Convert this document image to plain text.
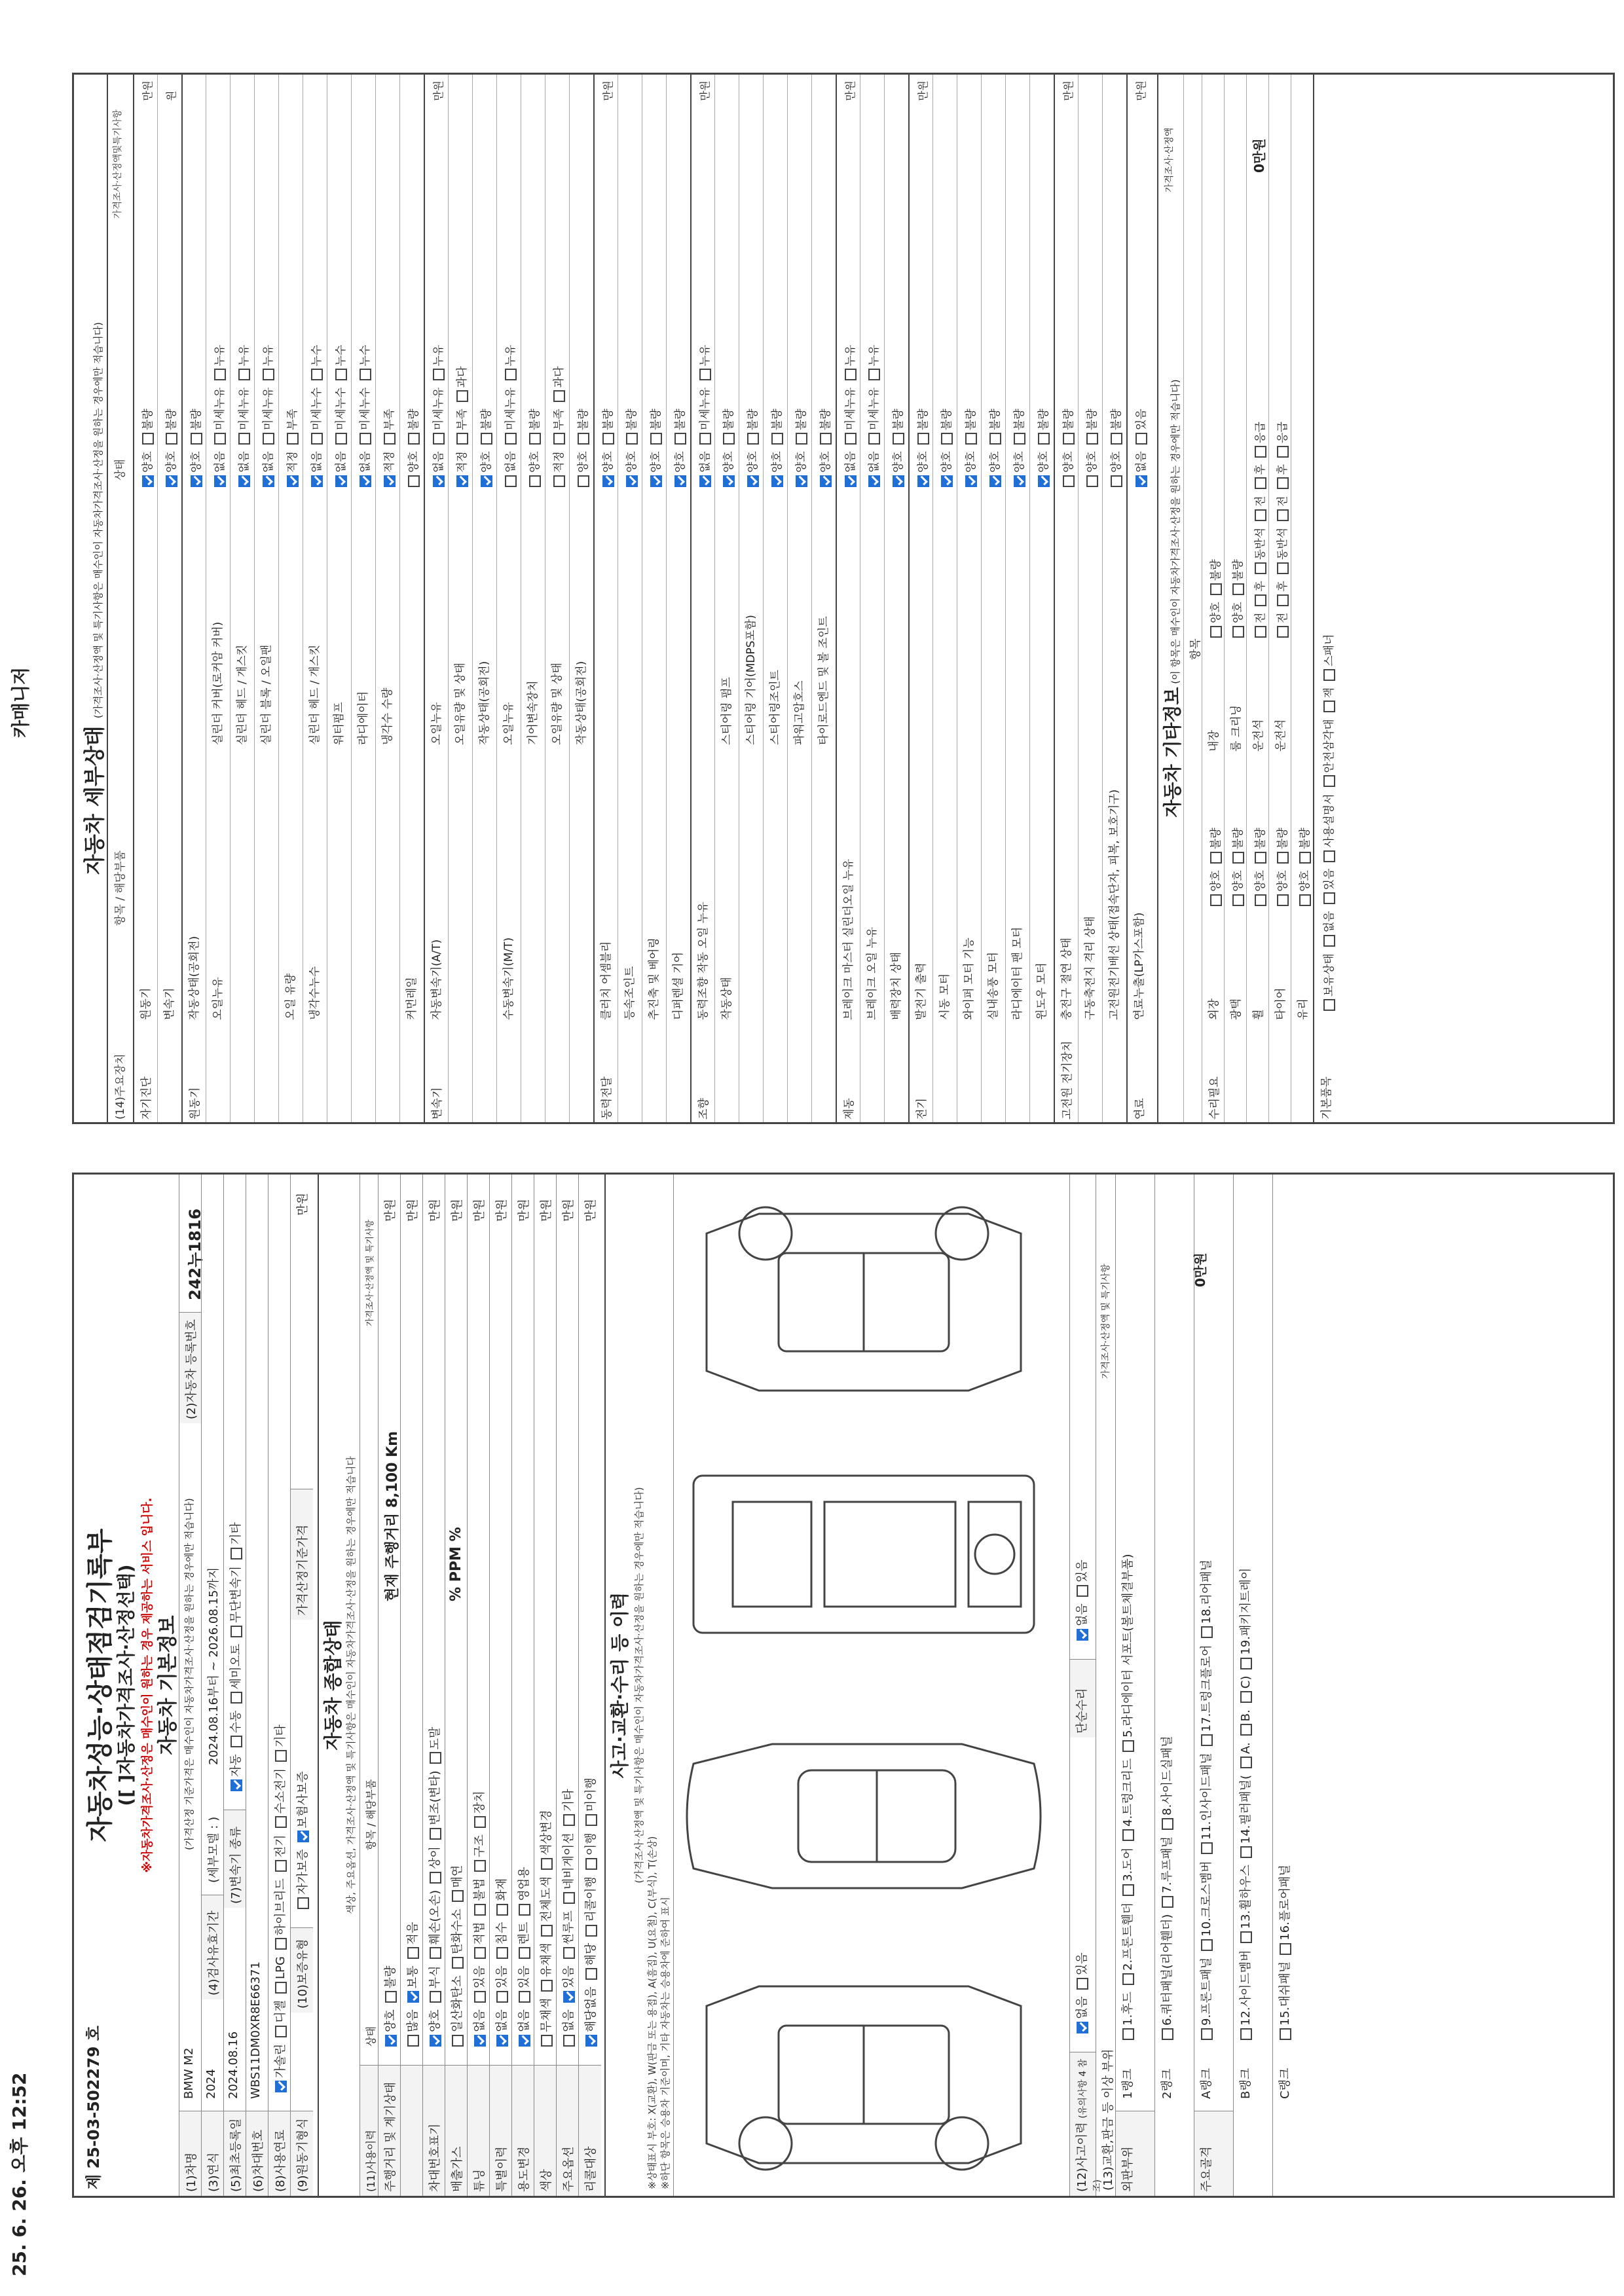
25. 6. 26. 오후 12:52
카매니저
제 25-03-502279 호
자동차성능·상태점검기록부 ([ ]자동차가격조사·산정선택) ※자동차가격조사·산정은 매수인이 원하는 경우 제공하는 서비스 입니다. 자동차 기본정보
(1)차명
BMW M2
(가격산정 기준가격은 매수인이 자동차가격조사·산정을 원하는 경우에만 적습니다)
(2)자동차 등록번호
242누1816
(3)연식
2024
(4)검사유효기간
(세부모델 : )
2024.08.16부터 ~ 2026.08.15까지
(5)최초등록일
2024.08.16
(7)변속기 종류
자동수동세미오토무단변속기기타
(6)차대번호
WBS11DM0XR8E66371
(8)사용연료
가솔린디젤LPG하이브리드전기수소전기기타
(9)원동기형식
(10)보증유형
자가보증보험사보증
가격산정기준가격
만원
자동차 종합상태 색상, 주요옵션, 가격조사·산정액 및 특기사항은 매수인이 자동차가격조사·산정을 원하는 경우에만 적습니다
(11)사용이력
상태
항목 / 해당부품
가격조사·산정액 및 특기사항
주행거리 및 계기상태
양호불량
현재 주행거리 8,100 Km
만원
많음보통적음
만원
차대번호표기
양호부식훼손(오손)상이변조(변타)도말
만원
배출가스
일산화탄소탄화수소매연
% PPM %
만원
튜닝
없음있음적법불법구조장치
만원
특별이력
없음있음침수화재
만원
용도변경
없음있음렌트영업용
만원
색상
무채색유채색전체도색색상변경
만원
주요옵션
없음있음썬루프네비게이션기타
만원
리콜대상
해당없음해당리콜이행이행미이행
만원
사고·교환·수리 등 이력 (가격조사·산정액 및 특기사항은 매수인이 자동차가격조사·산정을 원하는 경우에만 적습니다)
※상태표시 부호: X(교환), W(판금 또는 용접), A(흠집), U(요철), C(부식), T(손상) ※하단 항목은 승용차 기준이며, 기타 자동차는 승용차에 준하여 표시	(12)사고이력 (유의사항 4 참조)
없음있음
단순수리
없음있음
(13)교환,판금 등 이상 부위
가격조사·산정액 및 특기사항
외판부위
1랭크
1.후드2.프론트휀더3.도어4.트렁크리드5.라디에이터 서포트(볼트체결부품)
2랭크
6.쿼터패널(리어휀더)7.루프패널8.사이드실패널
주요골격
A랭크
9.프론트패널10.크로스멤버11.인사이드패널17.트렁크플로어18.리어패널
B랭크
12.사이드멤버13.휠하우스14.필러패널(A.B.C)19.패키지트레이
C랭크
15.대쉬패널16.플로어패널
0만원
자동차 세부상태 (가격조사·산정액 및 특기사항은 매수인이 자동차가격조사·산정을 원하는 경우에만 적습니다)
(14)주요장치
항목 / 해당부품
상태
가격조사·산정액및특기사항
자기진단
원동기
양호불량
만원
변속기
양호불량
원
원동기
작동상태(공회전)
양호불량
오일누유
실린더 커버(로커암 커버)
없음미세누유누유
실린더 헤드 / 개스킷
없음미세누유누유
실린더 블록 / 오일팬
없음미세누유누유
오일 유량
적정부족
냉각수누수
실린더 헤드 / 개스킷
없음미세누수누수
워터펌프
없음미세누수누수
라디에이터
없음미세누수누수
냉각수 수량
적정부족
커먼레일
양호불량
변속기
자동변속기(A/T)
오일누유
없음미세누유누유
만원
오일유량 및 상태
적정부족과다
작동상태(공회전)
양호불량
수동변속기(M/T)
오일누유
없음미세누유누유
기어변속장치
양호불량
오일유량 및 상태
적정부족과다
작동상태(공회전)
양호불량
동력전달
클러치 어셈블리
양호불량
만원
등속조인트
양호불량
추진축 및 베어링
양호불량
디퍼렌셜 기어
양호불량
조향
동력조향 작동 오일 누유
없음미세누유누유
만원
작동상태
스티어링 펌프
양호불량
스티어링 기어(MDPS포함)
양호불량
스티어링조인트
양호불량
파워고압호스
양호불량
타이로드엔드 및 볼 조인트
양호불량
제동
브레이크 마스터 실린더오일 누유
없음미세누유누유
만원
브레이크 오일 누유
없음미세누유누유
배력장치 상태
양호불량
전기
발전기 출력
양호불량
만원
시동 모터
양호불량
와이퍼 모터 기능
양호불량
실내송풍 모터
양호불량
라디에이터 팬 모터
양호불량
윈도우 모터
양호불량
고전원 전기장치
충전구 절연 상태
양호불량
만원
구동축전지 격리 상태
양호불량
고전원전기배선 상태(접속단자, 피복, 보호기구)
양호불량
연료
연료누출(LP가스포함)
없음있음
만원
자동차 기타정보 (이 항목은 매수인이 자동차가격조사·산정을 원하는 경우에만 적습니다) 항목
수리필요
외장
양호불량
내장
양호불량
광택
양호불량
룸 크리닝
양호불량
휠
양호불량
운전석
전후동반석전후응급
타이어
양호불량
운전석
전후동반석전후응급
유리
양호불량
기본품목
보유상태없음있음사용설명서안전삼각대잭스패너
가격조사·산정액	0만원
